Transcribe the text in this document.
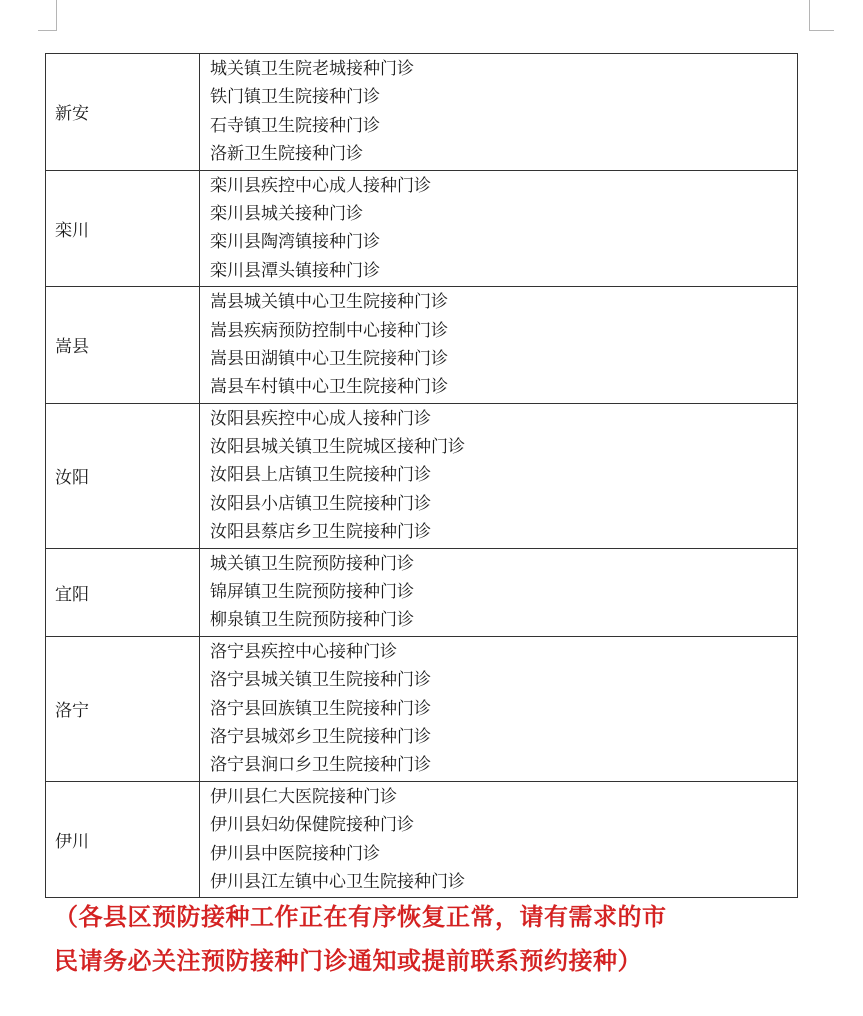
新安
城关镇卫生院老城接种门诊
铁门镇卫生院接种门诊
石寺镇卫生院接种门诊
洛新卫生院接种门诊
栾川
栾川县疾控中心成人接种门诊
栾川县城关接种门诊
栾川县陶湾镇接种门诊
栾川县潭头镇接种门诊
嵩县
嵩县城关镇中心卫生院接种门诊
嵩县疾病预防控制中心接种门诊
嵩县田湖镇中心卫生院接种门诊
嵩县车村镇中心卫生院接种门诊
汝阳
汝阳县疾控中心成人接种门诊
汝阳县城关镇卫生院城区接种门诊
汝阳县上店镇卫生院接种门诊
汝阳县小店镇卫生院接种门诊
汝阳县蔡店乡卫生院接种门诊
宜阳
城关镇卫生院预防接种门诊
锦屏镇卫生院预防接种门诊
柳泉镇卫生院预防接种门诊
洛宁
洛宁县疾控中心接种门诊
洛宁县城关镇卫生院接种门诊
洛宁县回族镇卫生院接种门诊
洛宁县城郊乡卫生院接种门诊
洛宁县涧口乡卫生院接种门诊
伊川
伊川县仁大医院接种门诊
伊川县妇幼保健院接种门诊
伊川县中医院接种门诊
伊川县江左镇中心卫生院接种门诊
（各县区预防接种工作正在有序恢复正常，请有需求的市
民请务必关注预防接种门诊通知或提前联系预约接种）
